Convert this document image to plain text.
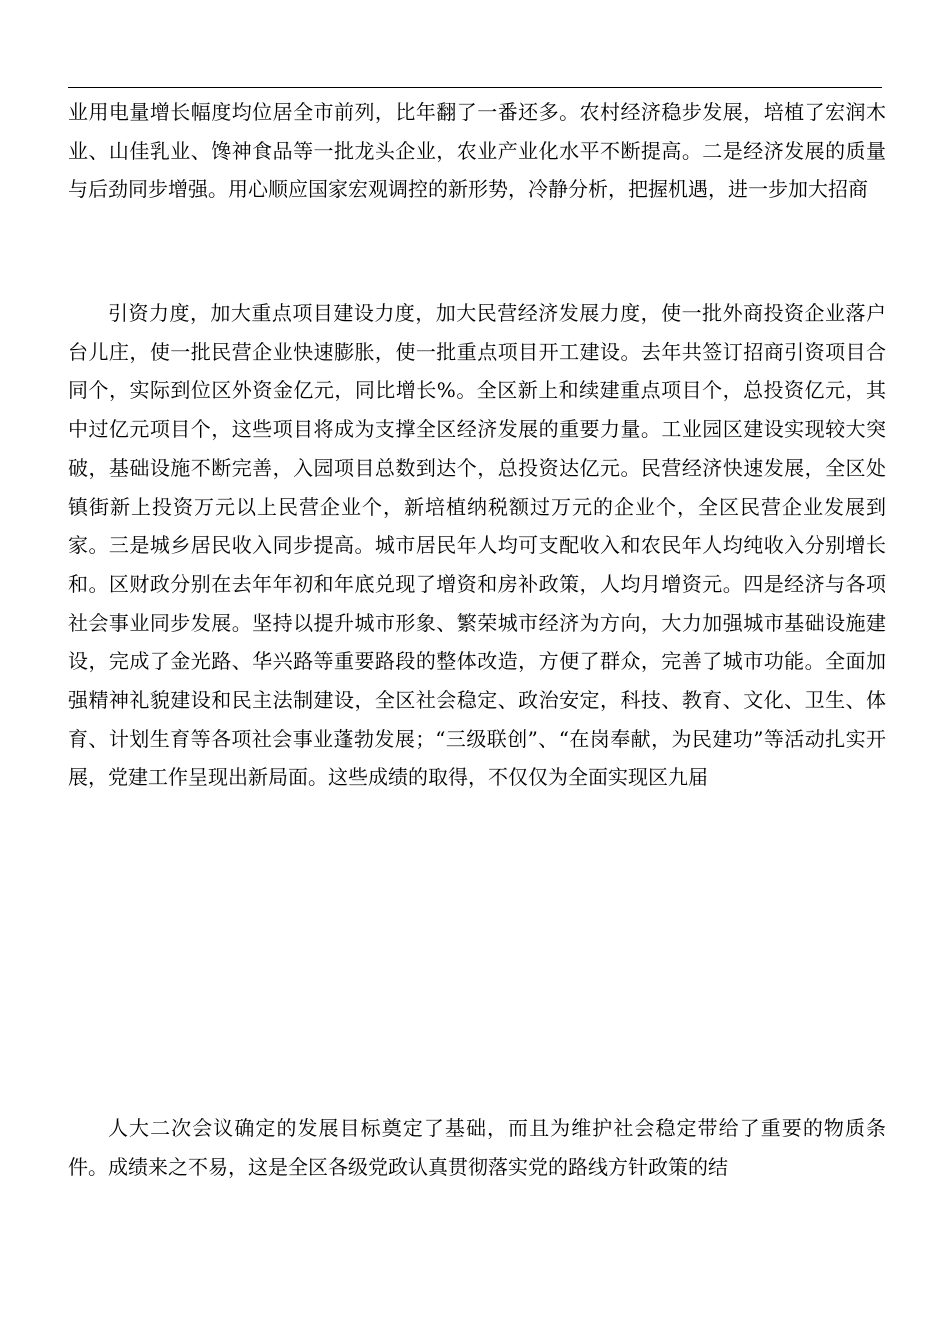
业用电量增长幅度均位居全市前列，比年翻了一番还多。农村经济稳步发展，培植了宏润木业、山佳乳业、馋神食品等一批龙头企业，农业产业化水平不断提高。二是经济发展的质量与后劲同步增强。用心顺应国家宏观调控的新形势，冷静分析，把握机遇，进一步加大招商

引资力度，加大重点项目建设力度，加大民营经济发展力度，使一批外商投资企业落户台儿庄，使一批民营企业快速膨胀，使一批重点项目开工建设。去年共签订招商引资项目合同个，实际到位区外资金亿元，同比增长%。全区新上和续建重点项目个，总投资亿元，其中过亿元项目个，这些项目将成为支撑全区经济发展的重要力量。工业园区建设实现较大突破，基础设施不断完善，入园项目总数到达个，总投资达亿元。民营经济快速发展，全区处镇街新上投资万元以上民营企业个，新培植纳税额过万元的企业个，全区民营企业发展到家。三是城乡居民收入同步提高。城市居民年人均可支配收入和农民年人均纯收入分别增长和。区财政分别在去年年初和年底兑现了增资和房补政策，人均月增资元。四是经济与各项社会事业同步发展。坚持以提升城市形象、繁荣城市经济为方向，大力加强城市基础设施建设，完成了金光路、华兴路等重要路段的整体改造，方便了群众，完善了城市功能。全面加强精神礼貌建设和民主法制建设，全区社会稳定、政治安定，科技、教育、文化、卫生、体育、计划生育等各项社会事业蓬勃发展；“三级联创”、“在岗奉献，为民建功”等活动扎实开展，党建工作呈现出新局面。这些成绩的取得，不仅仅为全面实现区九届

人大二次会议确定的发展目标奠定了基础，而且为维护社会稳定带给了重要的物质条件。成绩来之不易，这是全区各级党政认真贯彻落实党的路线方针政策的结
